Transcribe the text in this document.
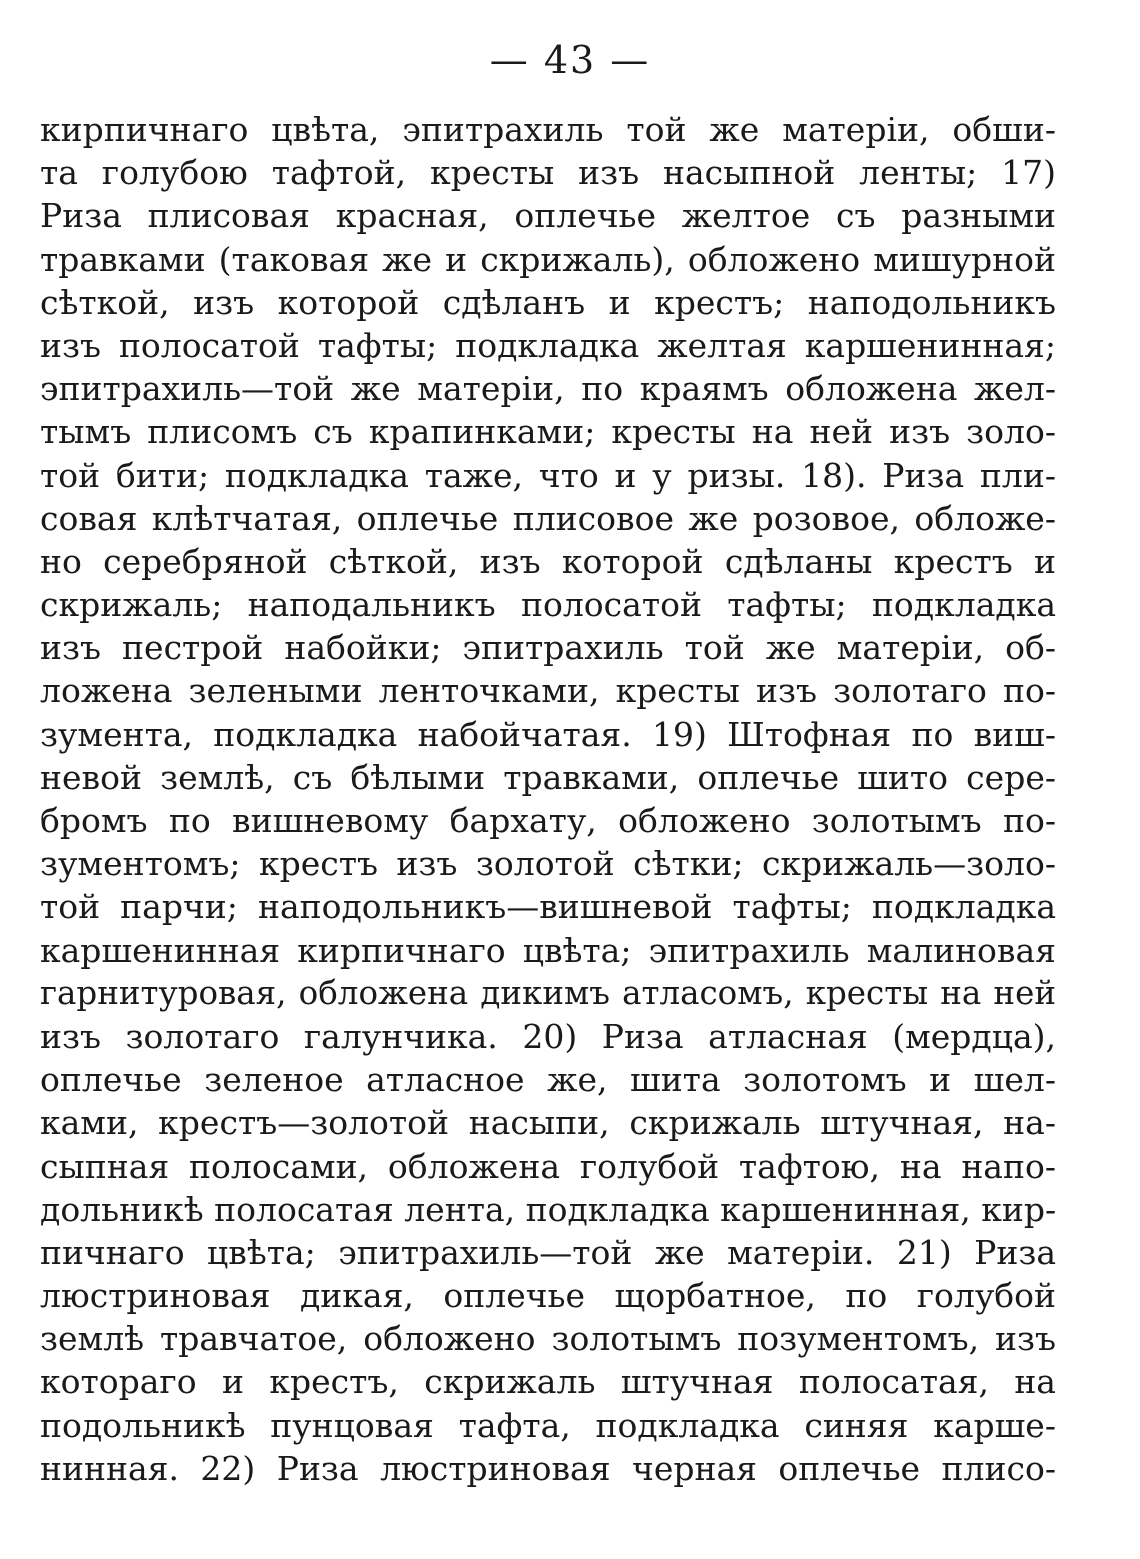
— 43 —
кирпичнаго цвѣта, эпитрахиль той же матеріи, обши-
та голубою тафтой, кресты изъ насыпной ленты; 17)
Риза плисовая красная, оплечье желтое съ разными
травками (таковая же и скрижаль), обложено мишурной
сѣткой, изъ которой сдѣланъ и крестъ; наподольникъ
изъ полосатой тафты; подкладка желтая каршенинная;
эпитрахиль—той же матеріи, по краямъ обложена жел-
тымъ плисомъ съ крапинками; кресты на ней изъ золо-
той бити; подкладка таже, что и у ризы. 18). Риза пли-
совая клѣтчатая, оплечье плисовое же розовое, обложе-
но серебряной сѣткой, изъ которой сдѣланы крестъ и
скрижаль; наподальникъ полосатой тафты; подкладка
изъ пестрой набойки; эпитрахиль той же матеріи, об-
ложена зелеными ленточками, кресты изъ золотаго по-
зумента, подкладка набойчатая. 19) Штофная по виш-
невой землѣ, съ бѣлыми травками, оплечье шито сере-
бромъ по вишневому бархату, обложено золотымъ по-
зументомъ; крестъ изъ золотой сѣтки; скрижаль—золо-
той парчи; наподольникъ—вишневой тафты; подкладка
каршенинная кирпичнаго цвѣта; эпитрахиль малиновая
гарнитуровая, обложена дикимъ атласомъ, кресты на ней
изъ золотаго галунчика. 20) Риза атласная (мердца),
оплечье зеленое атласное же, шита золотомъ и шел-
ками, крестъ—золотой насыпи, скрижаль штучная, на-
сыпная полосами, обложена голубой тафтою, на напо-
дольникѣ полосатая лента, подкладка каршенинная, кир-
пичнаго цвѣта; эпитрахиль—той же матеріи. 21) Риза
люстриновая дикая, оплечье щорбатное, по голубой
землѣ травчатое, обложено золотымъ позументомъ, изъ
котораго и крестъ, скрижаль штучная полосатая, на
подольникѣ пунцовая тафта, подкладка синяя карше-
нинная. 22) Риза люстриновая черная оплечье плисо-
